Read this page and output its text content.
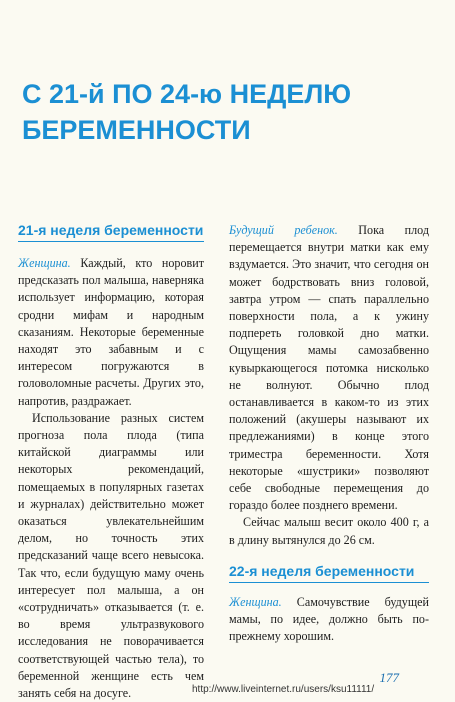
С 21-й ПО 24-ю НЕДЕЛЮ БЕРЕМЕННОСТИ
21-я неделя беременности

Женщина. Каждый, кто норовит предсказать пол малыша, наверняка использует информацию, которая сродни мифам и народным сказаниям. Некоторые беременные находят это забавным и с интересом погружаются в головоломные расчеты. Других это, напротив, раздражает.

Использование разных систем прогноза пола плода (типа китайской диаграммы или некоторых рекомендаций, помещаемых в популярных газетах и журналах) действительно может оказаться увлекательнейшим делом, но точность этих предсказаний чаще всего невысока. Так что, если будущую маму очень интересует пол малыша, а он «сотрудничать» отказывается (т. е. во время ультразвукового исследования не поворачивается соответствующей частью тела), то беременной женщине есть чем занять себя на досуге.

Будущий ребенок. Пока плод перемещается внутри матки как ему вздумается. Это значит, что сегодня он может бодрствовать вниз головой, завтра утром — спать параллельно поверхности пола, а к ужину подпереть головкой дно матки. Ощущения мамы самозабвенно кувыркающегося потомка нисколько не волнуют. Обычно плод останавливается в каком-то из этих положений (акушеры называют их предлежаниями) в конце этого триместра беременности. Хотя некоторые «шустрики» позволяют себе свободные перемещения до гораздо более позднего времени.

Сейчас малыш весит около 400 г, а в длину вытянулся до 26 см.

22-я неделя беременности

Женщина. Самочувствие будущей мамы, по идее, должно быть по-прежнему хорошим.

177
http://www.liveinternet.ru/users/ksu11111/
